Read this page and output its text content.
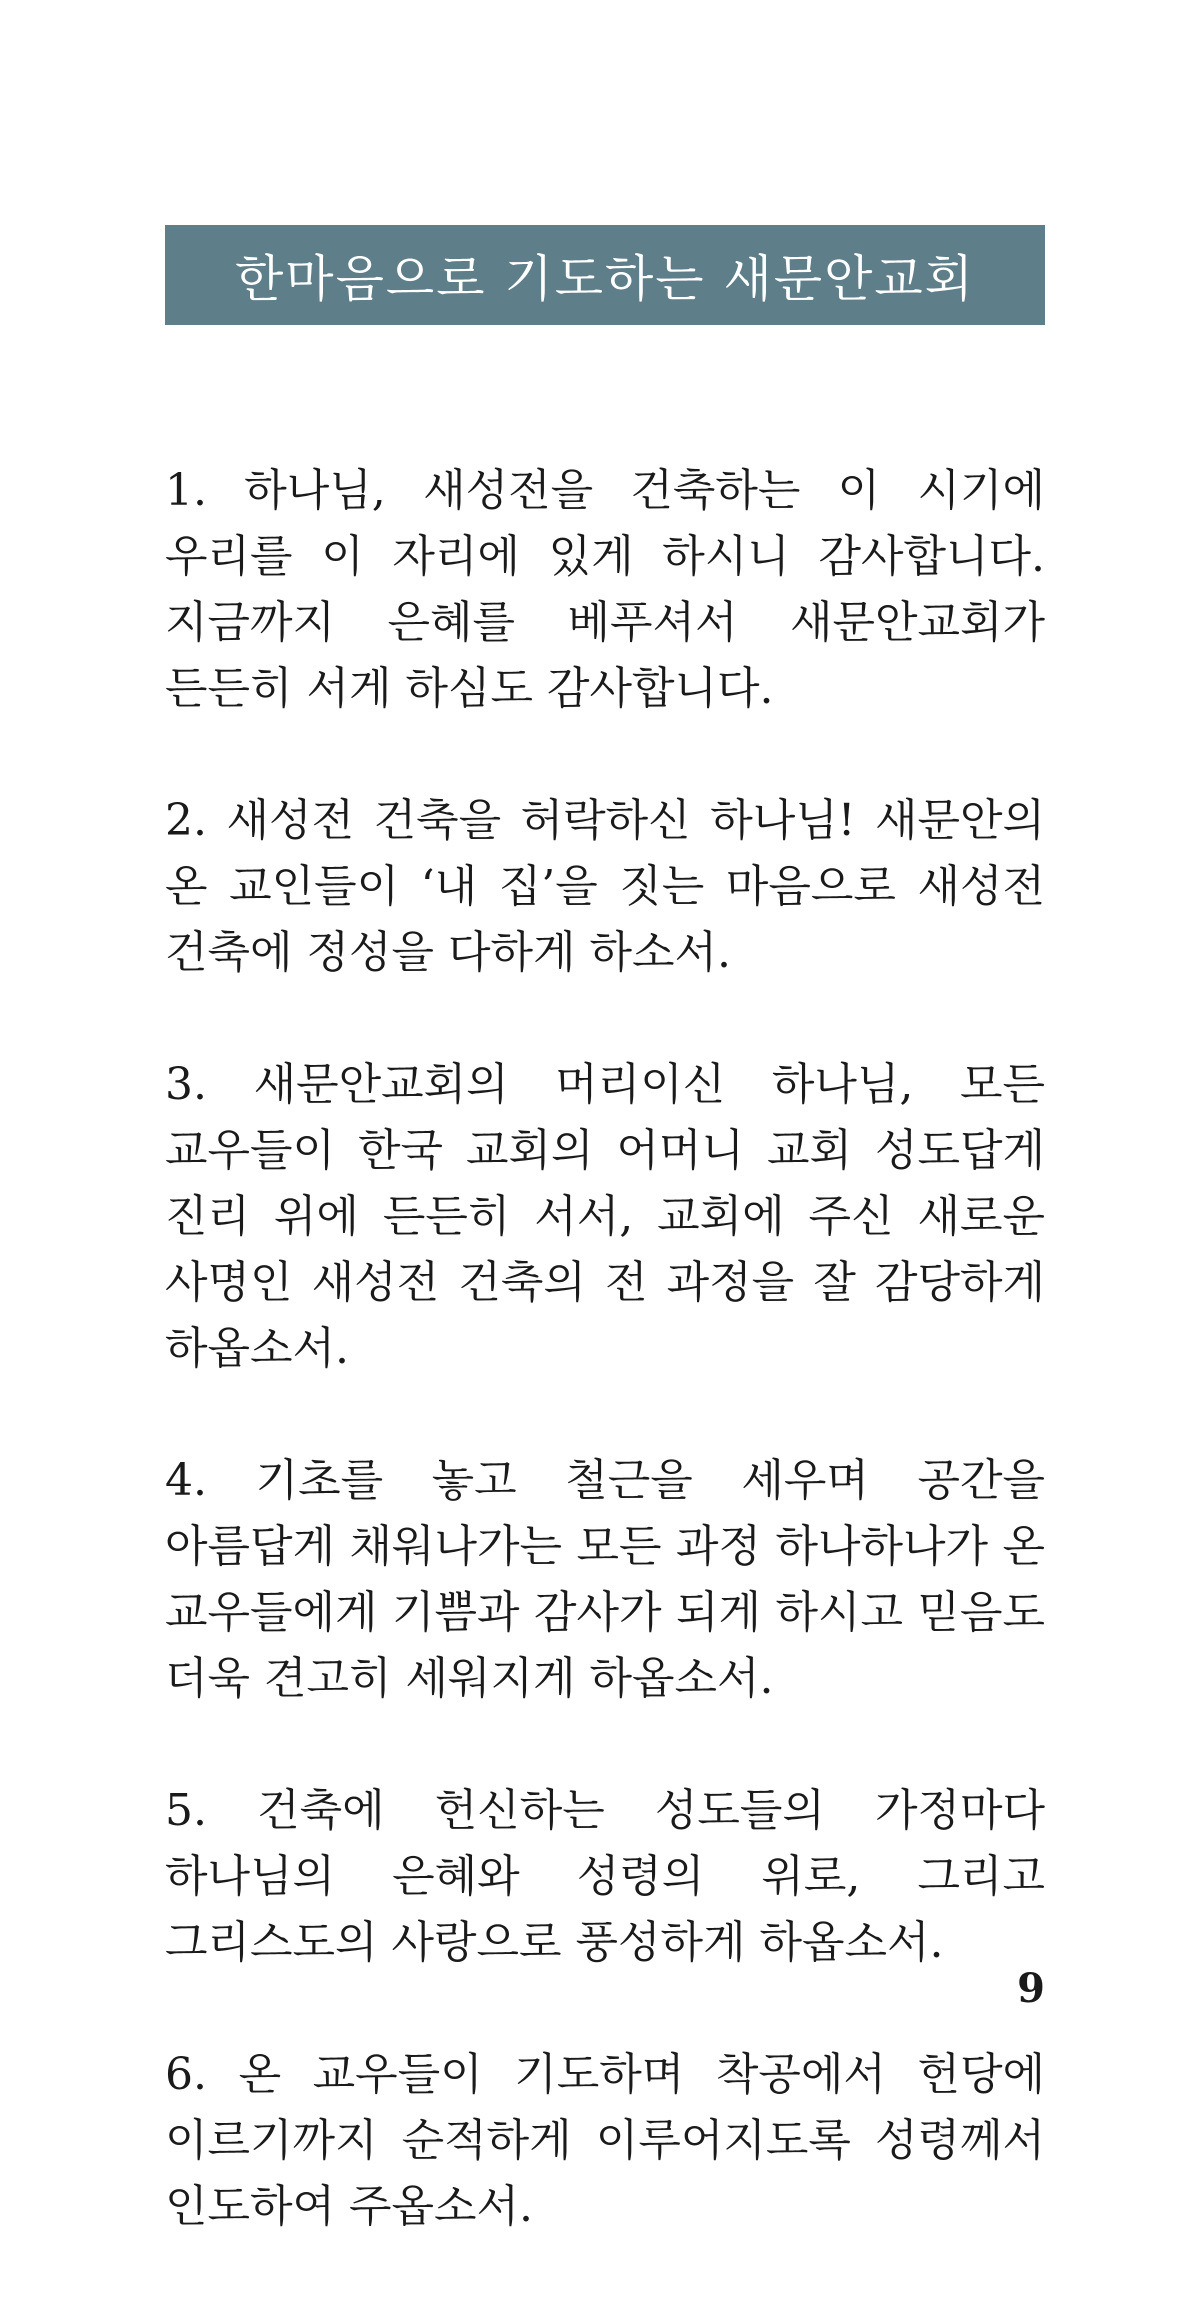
한마음으로 기도하는 새문안교회

1. 하나님, 새성전을 건축하는 이 시기에 우리를 이 자리에 있게 하시니 감사합니다. 지금까지 은혜를 베푸셔서 새문안교회가 든든히 서게 하심도 감사합니다.

2. 새성전 건축을 허락하신 하나님! 새문안의 온 교인들이 ‘내 집’을 짓는 마음으로 새성전 건축에 정성을 다하게 하소서.

3. 새문안교회의 머리이신 하나님, 모든 교우들이 한국 교회의 어머니 교회 성도답게 진리 위에 든든히 서서, 교회에 주신 새로운 사명인 새성전 건축의 전 과정을 잘 감당하게 하옵소서.

4. 기초를 놓고 철근을 세우며 공간을 아름답게 채워나가는 모든 과정 하나하나가 온 교우들에게 기쁨과 감사가 되게 하시고 믿음도 더욱 견고히 세워지게 하옵소서.

5. 건축에 헌신하는 성도들의 가정마다 하나님의 은혜와 성령의 위로, 그리고 그리스도의 사랑으로 풍성하게 하옵소서.

6. 온 교우들이 기도하며 착공에서 헌당에 이르기까지 순적하게 이루어지도록 성령께서 인도하여 주옵소서.

9
